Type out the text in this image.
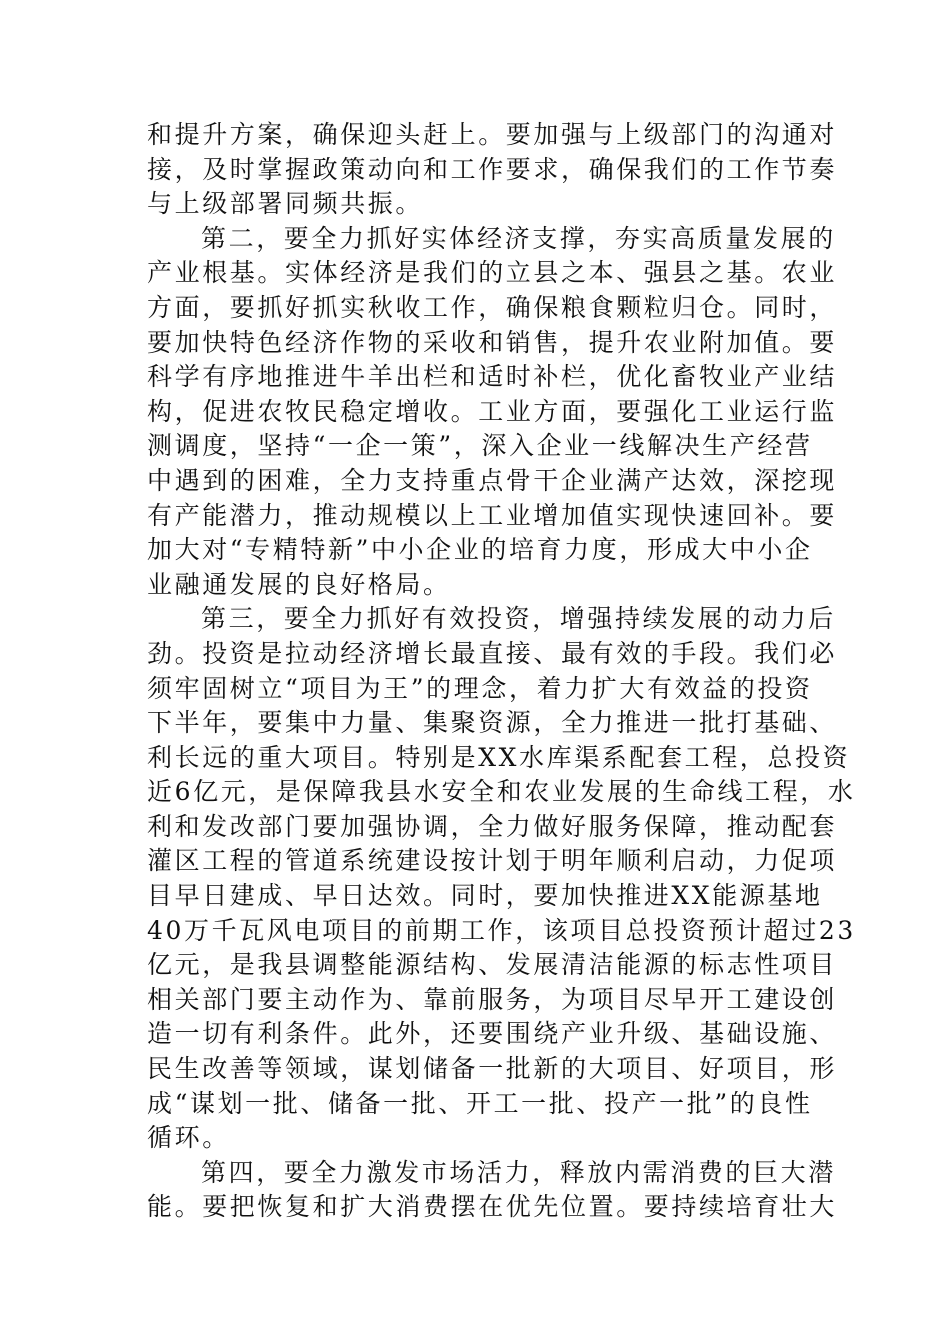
和提升方案，确保迎头赶上。要加强与上级部门的沟通对
接，及时掌握政策动向和工作要求，确保我们的工作节奏
与上级部署同频共振。
第二，要全力抓好实体经济支撑，夯实高质量发展的
产业根基。实体经济是我们的立县之本、强县之基。农业
方面，要抓好抓实秋收工作，确保粮食颗粒归仓。同时，
要加快特色经济作物的采收和销售，提升农业附加值。要
科学有序地推进牛羊出栏和适时补栏，优化畜牧业产业结
构，促进农牧民稳定增收。工业方面，要强化工业运行监
测调度，坚持“一企一策”，深入企业一线解决生产经营
中遇到的困难，全力支持重点骨干企业满产达效，深挖现
有产能潜力，推动规模以上工业增加值实现快速回补。要
加大对“专精特新”中小企业的培育力度，形成大中小企
业融通发展的良好格局。
第三，要全力抓好有效投资，增强持续发展的动力后
劲。投资是拉动经济增长最直接、最有效的手段。我们必
须牢固树立“项目为王”的理念，着力扩大有效益的投资
下半年，要集中力量、集聚资源，全力推进一批打基础、
利长远的重大项目。特别是XX水库渠系配套工程，总投资
近6亿元，是保障我县水安全和农业发展的生命线工程，水
利和发改部门要加强协调，全力做好服务保障，推动配套
灌区工程的管道系统建设按计划于明年顺利启动，力促项
目早日建成、早日达效。同时，要加快推进XX能源基地
40万千瓦风电项目的前期工作，该项目总投资预计超过23
亿元，是我县调整能源结构、发展清洁能源的标志性项目
相关部门要主动作为、靠前服务，为项目尽早开工建设创
造一切有利条件。此外，还要围绕产业升级、基础设施、
民生改善等领域，谋划储备一批新的大项目、好项目，形
成“谋划一批、储备一批、开工一批、投产一批”的良性
循环。
第四，要全力激发市场活力，释放内需消费的巨大潜
能。要把恢复和扩大消费摆在优先位置。要持续培育壮大
